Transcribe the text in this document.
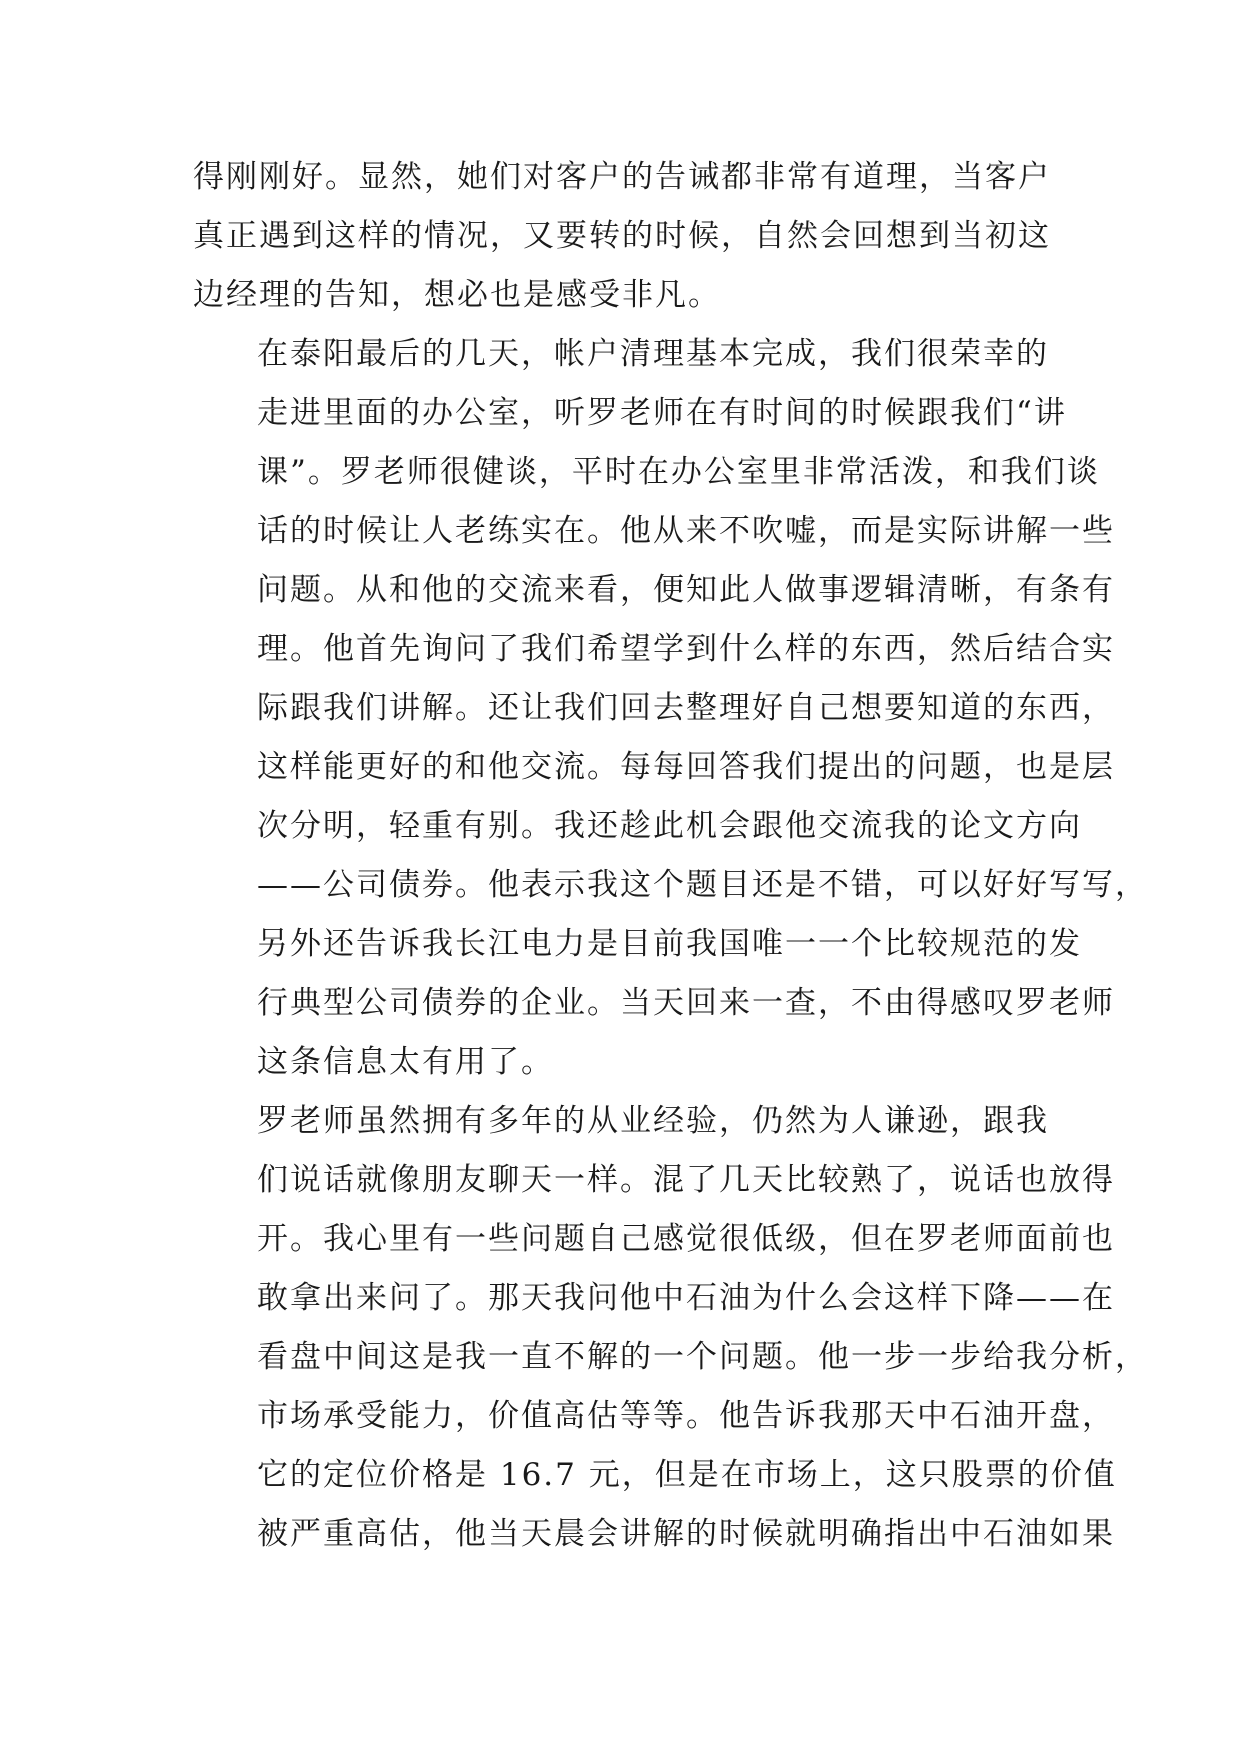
得刚刚好。显然，她们对客户的告诫都非常有道理，当客户
真正遇到这样的情况，又要转的时候，自然会回想到当初这
边经理的告知，想必也是感受非凡。

在泰阳最后的几天，帐户清理基本完成，我们很荣幸的
走进里面的办公室，听罗老师在有时间的时候跟我们“讲
课”。罗老师很健谈，平时在办公室里非常活泼，和我们谈
话的时候让人老练实在。他从来不吹嘘，而是实际讲解一些
问题。从和他的交流来看，便知此人做事逻辑清晰，有条有
理。他首先询问了我们希望学到什么样的东西，然后结合实
际跟我们讲解。还让我们回去整理好自己想要知道的东西，
这样能更好的和他交流。每每回答我们提出的问题，也是层
次分明，轻重有别。我还趁此机会跟他交流我的论文方向
——公司债券。他表示我这个题目还是不错，可以好好写写，
另外还告诉我长江电力是目前我国唯一一个比较规范的发
行典型公司债券的企业。当天回来一查，不由得感叹罗老师
这条信息太有用了。

罗老师虽然拥有多年的从业经验，仍然为人谦逊，跟我
们说话就像朋友聊天一样。混了几天比较熟了，说话也放得
开。我心里有一些问题自己感觉很低级，但在罗老师面前也
敢拿出来问了。那天我问他中石油为什么会这样下降——在
看盘中间这是我一直不解的一个问题。他一步一步给我分析，
市场承受能力，价值高估等等。他告诉我那天中石油开盘，
它的定位价格是 16.7 元，但是在市场上，这只股票的价值
被严重高估，他当天晨会讲解的时候就明确指出中石油如果
